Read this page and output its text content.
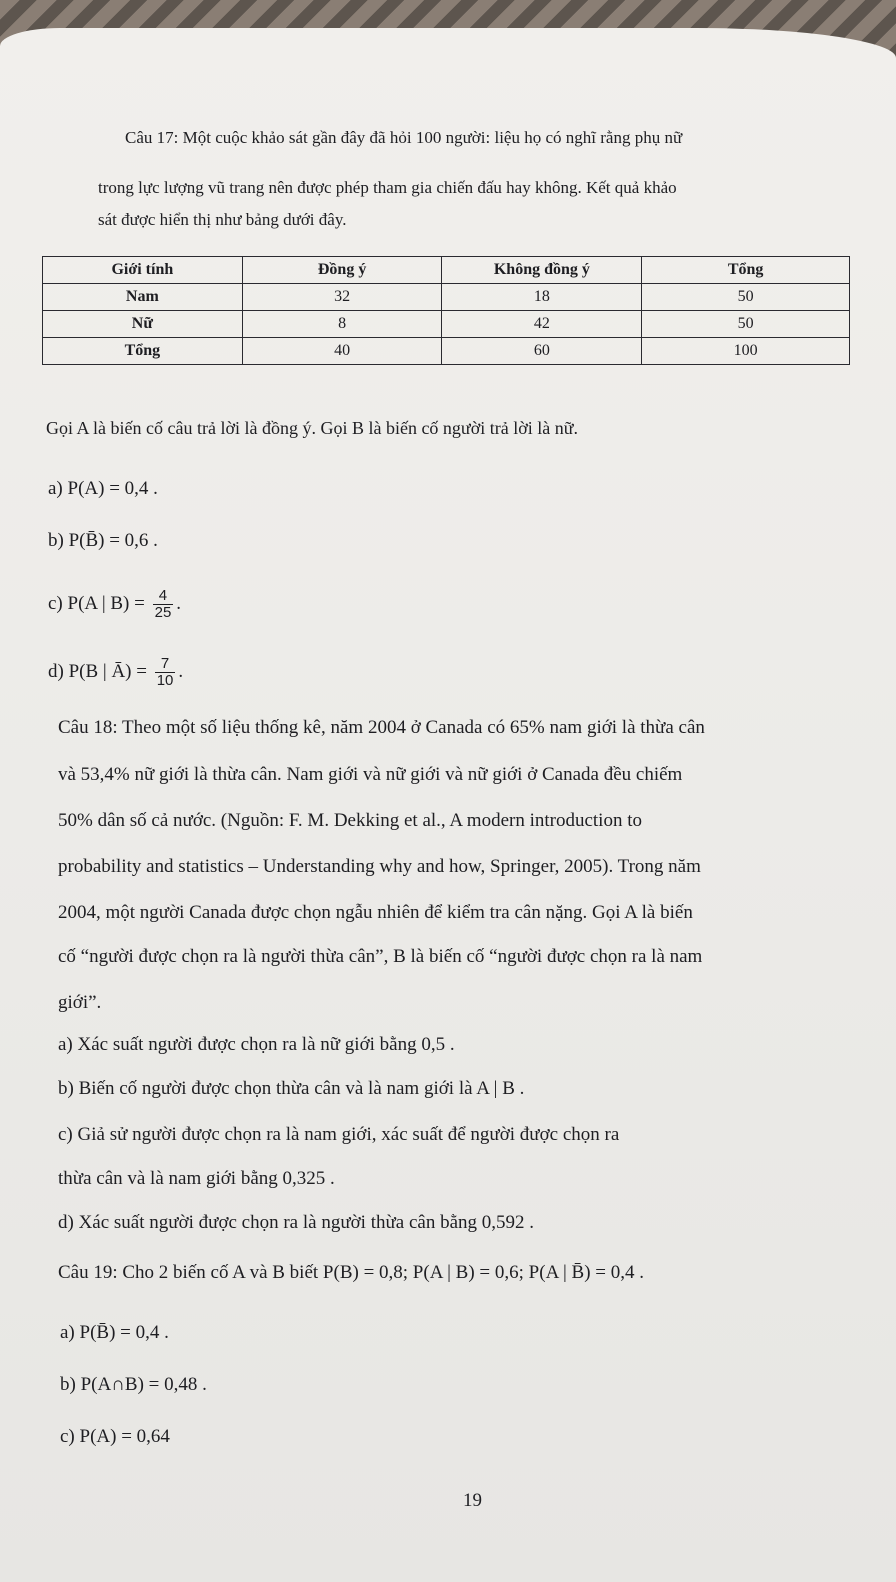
Câu 17: Một cuộc khảo sát gần đây đã hỏi 100 người: liệu họ có nghĩ rằng phụ nữ
trong lực lượng vũ trang nên được phép tham gia chiến đấu hay không. Kết quả khảo
sát được hiển thị như bảng dưới đây.
Giới tính	Đồng ý	Không đồng ý	Tổng
Nam	32	18	50
Nữ	8	42	50
Tổng	40	60	100
Gọi A là biến cố câu trả lời là đồng ý. Gọi B là biến cố người trả lời là nữ.
a) P(A) = 0,4 .
b) P(B̄) = 0,6 .
c) P(A | $B) = \frac{4}{25}$ .
d) P(B | Ā) = $\frac{7}{10}$ .
Câu 18: Theo một số liệu thống kê, năm 2004 ở Canada có 65% nam giới là thừa cân
và 53,4% nữ giới là thừa cân. Nam giới và nữ giới và nữ giới ở Canada đều chiếm
50% dân số cả nước. (Nguồn: F. M. Dekking et al., A modern introduction to
probability and statistics – Understanding why and how, Springer, 2005). Trong năm
2004, một người Canada được chọn ngẫu nhiên để kiểm tra cân nặng. Gọi A là biến
cố “người được chọn ra là người thừa cân”, B là biến cố “người được chọn ra là nam
giới”.
a) Xác suất người được chọn ra là nữ giới bằng 0,5 .
b) Biến cố người được chọn thừa cân và là nam giới là A | B .
c) Giả sử người được chọn ra là nam giới, xác suất để người được chọn ra
thừa cân và là nam giới bằng 0,325 .
d) Xác suất người được chọn ra là người thừa cân bằng 0,592 .
Câu 19: Cho 2 biến cố A và B biết P(B) = 0,8; P(A | B) = 0,6; P(A | B̄) = 0,4 .
a) P(B̄) = 0,4 .
b) P(A∩B) = 0,48 .
c) P(A) = 0,64
19
